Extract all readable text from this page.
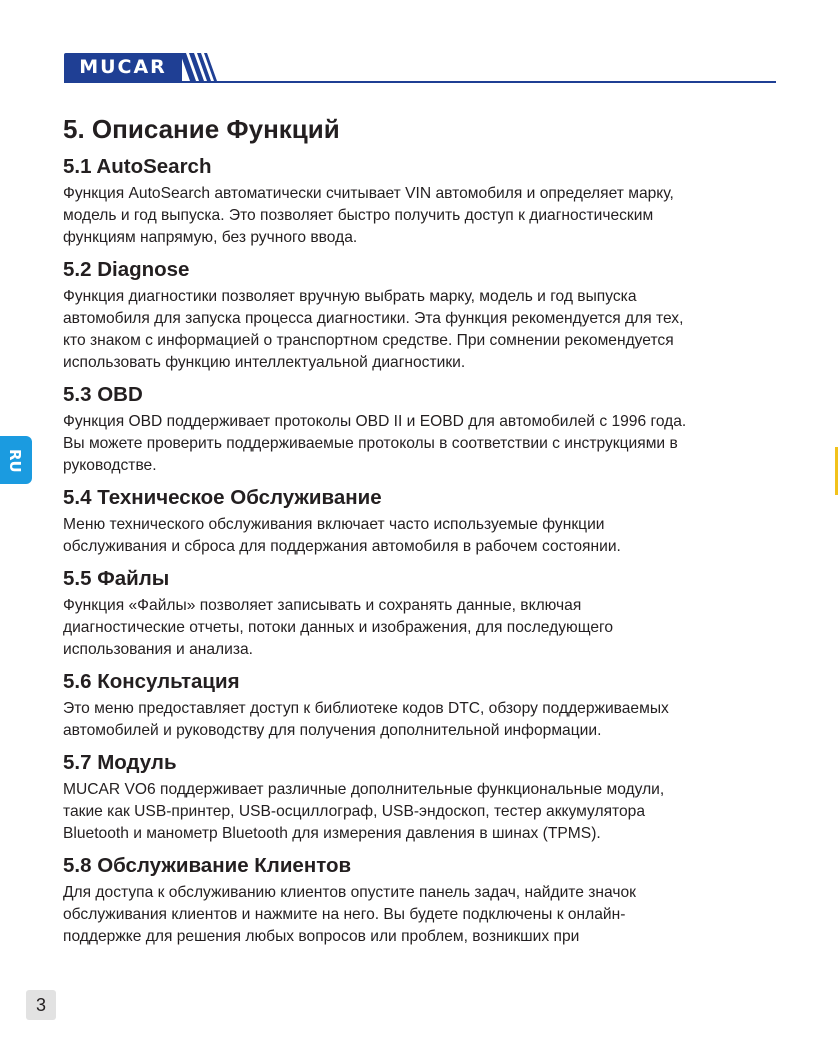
MUCAR
RU
5. Описание Функций
5.1 AutoSearch

Функция AutoSearch автоматически считывает VIN автомобиля и определяет марку,
модель и год выпуска. Это позволяет быстро получить доступ к диагностическим
функциям напрямую, без ручного ввода.

5.2 Diagnose

Функция диагностики позволяет вручную выбрать марку, модель и год выпуска
автомобиля для запуска процесса диагностики. Эта функция рекомендуется для тех,
кто знаком с информацией о транспортном средстве. При сомнении рекомендуется
использовать функцию интеллектуальной диагностики.

5.3 OBD

Функция OBD поддерживает протоколы OBD II и EOBD для автомобилей с 1996 года.
Вы можете проверить поддерживаемые протоколы в соответствии с инструкциями в
руководстве.

5.4 Техническое Обслуживание

Меню технического обслуживания включает часто используемые функции
обслуживания и сброса для поддержания автомобиля в рабочем состоянии.

5.5 Файлы

Функция «Файлы» позволяет записывать и сохранять данные, включая
диагностические отчеты, потоки данных и изображения, для последующего
использования и анализа.

5.6 Консультация

Это меню предоставляет доступ к библиотеке кодов DTC, обзору поддерживаемых
автомобилей и руководству для получения дополнительной информации.

5.7 Модуль

MUCAR VO6 поддерживает различные дополнительные функциональные модули,
такие как USB-принтер, USB-осциллограф, USB-эндоскоп, тестер аккумулятора
Bluetooth и манометр Bluetooth для измерения давления в шинах (TPMS).

5.8 Обслуживание Клиентов

Для доступа к обслуживанию клиентов опустите панель задач, найдите значок
обслуживания клиентов и нажмите на него. Вы будете подключены к онлайн-
поддержке для решения любых вопросов или проблем, возникших при

3
